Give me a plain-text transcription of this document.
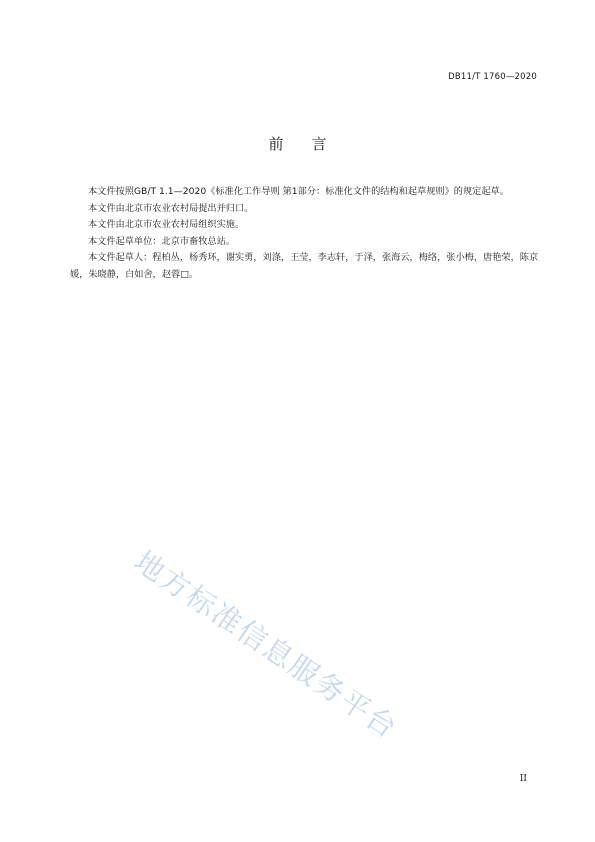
DB11/T 1760—2020
前言

本文件按照GB/T 1.1—2020《标准化工作导则 第1部分：标准化文件的结构和起草规则》的规定起草。

本文件由北京市农业农村局提出并归口。

本文件由北京市农业农村局组织实施。

本文件起草单位：北京市畜牧总站。

本文件起草人：程柏丛，杨秀环，谢实勇，刘涤，王莹，李志轩，于泽，张海云，梅络，张小梅，唐艳荣，陈京媛，朱晓静，白如舍，赵蓉□。

地方标准信息服务平台
II
